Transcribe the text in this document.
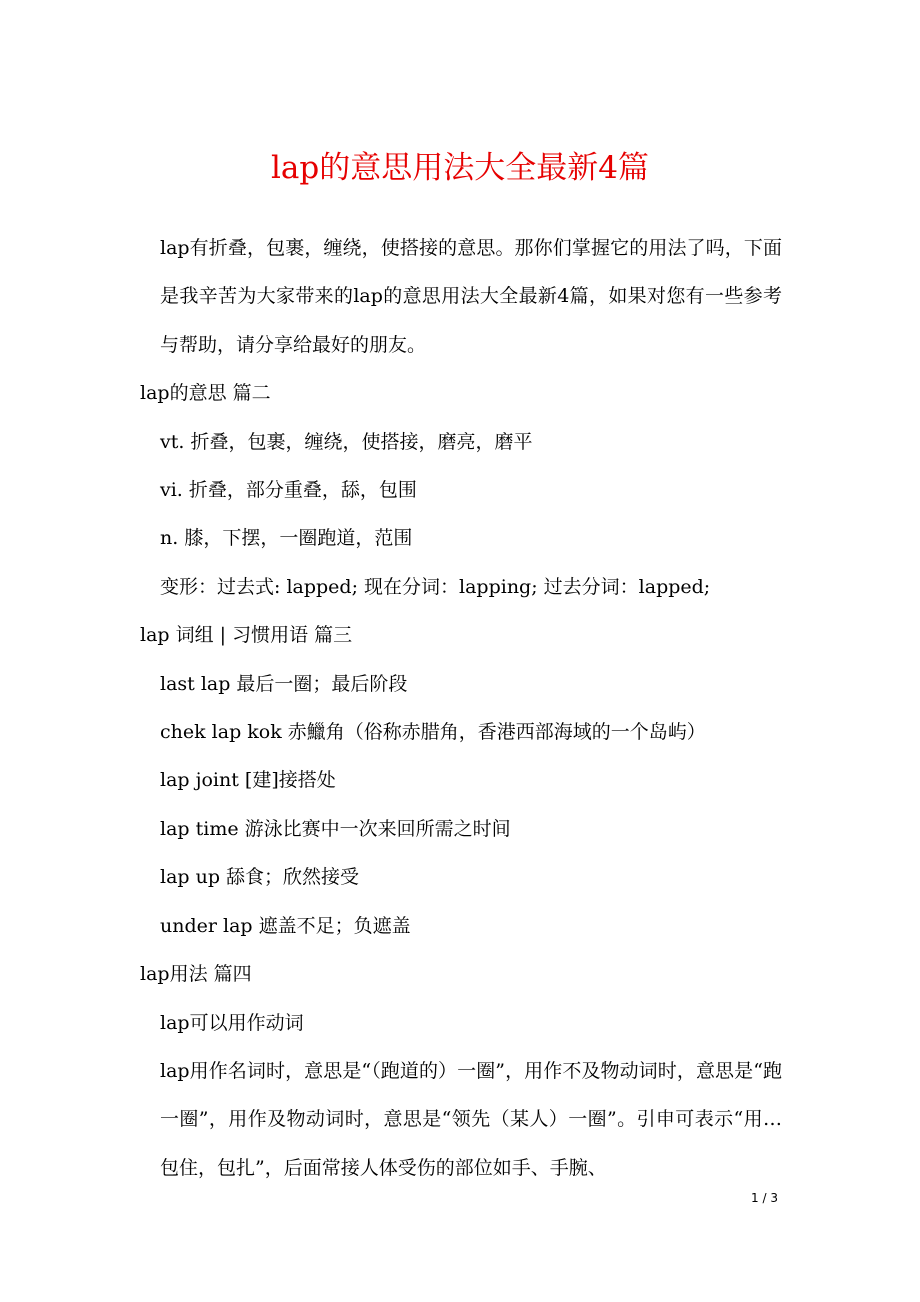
lap的意思用法大全最新4篇

lap有折叠，包裹，缠绕，使搭接的意思。那你们掌握它的用法了吗，下面是我辛苦为大家带来的lap的意思用法大全最新4篇，如果对您有一些参考与帮助，请分享给最好的朋友。

lap的意思 篇二

vt. 折叠，包裹，缠绕，使搭接，磨亮，磨平

vi. 折叠，部分重叠，舔，包围

n. 膝，下摆，一圈跑道，范围

变形：过去式: lapped; 现在分词：lapping; 过去分词：lapped;

lap 词组 | 习惯用语 篇三

last lap 最后一圈；最后阶段

chek lap kok 赤鱲角（俗称赤腊角，香港西部海域的一个岛屿）

lap joint [建]接搭处

lap time 游泳比赛中一次来回所需之时间

lap up 舔食；欣然接受

under lap 遮盖不足；负遮盖

lap用法 篇四

lap可以用作动词

lap用作名词时，意思是“（跑道的）一圈”，用作不及物动词时，意思是“跑一圈”，用作及物动词时，意思是“领先（某人）一圈”。引申可表示“用…包住，包扎”，后面常接人体受伤的部位如手、手腕、

1 / 3
